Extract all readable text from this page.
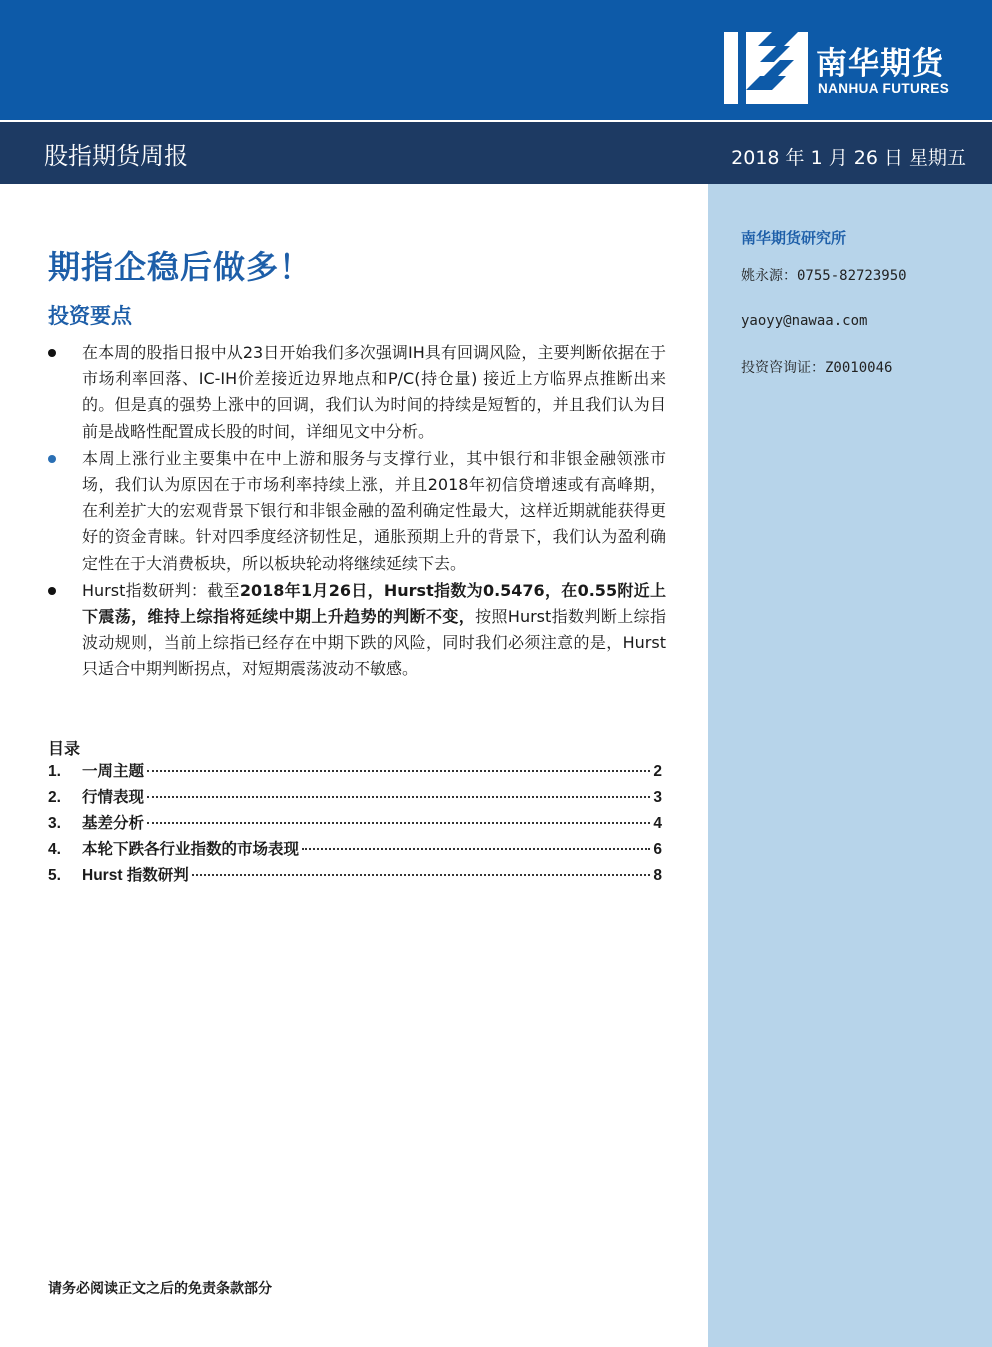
南华期货
NANHUA FUTURES
股指期货周报	2018 年 1 月 26 日 星期五
南华期货研究所
姚永源：0755-82723950
yaoyy@nawaa.com
投资咨询证：Z0010046
期指企稳后做多！
投资要点
在本周的股指日报中从23日开始我们多次强调IH具有回调风险，主要判断依据在于市场利率回落、IC-IH价差接近边界地点和P/C(持仓量) 接近上方临界点推断出来的。但是真的强势上涨中的回调，我们认为时间的持续是短暂的，并且我们认为目前是战略性配置成长股的时间，详细见文中分析。
本周上涨行业主要集中在中上游和服务与支撑行业，其中银行和非银金融领涨市场，我们认为原因在于市场利率持续上涨，并且2018年初信贷增速或有高峰期，在利差扩大的宏观背景下银行和非银金融的盈利确定性最大，这样近期就能获得更好的资金青睐。针对四季度经济韧性足，通胀预期上升的背景下，我们认为盈利确定性在于大消费板块，所以板块轮动将继续延续下去。
Hurst指数研判：截至2018年1月26日，Hurst指数为0.5476，在0.55附近上下震荡，维持上综指将延续中期上升趋势的判断不变，按照Hurst指数判断上综指波动规则，当前上综指已经存在中期下跌的风险，同时我们必须注意的是，Hurst只适合中期判断拐点，对短期震荡波动不敏感。
目录
1.	一周主题	2
2.	行情表现	3
3.	基差分析	4
4.	本轮下跌各行业指数的市场表现	6
5.	Hurst 指数研判	8
请务必阅读正文之后的免责条款部分
